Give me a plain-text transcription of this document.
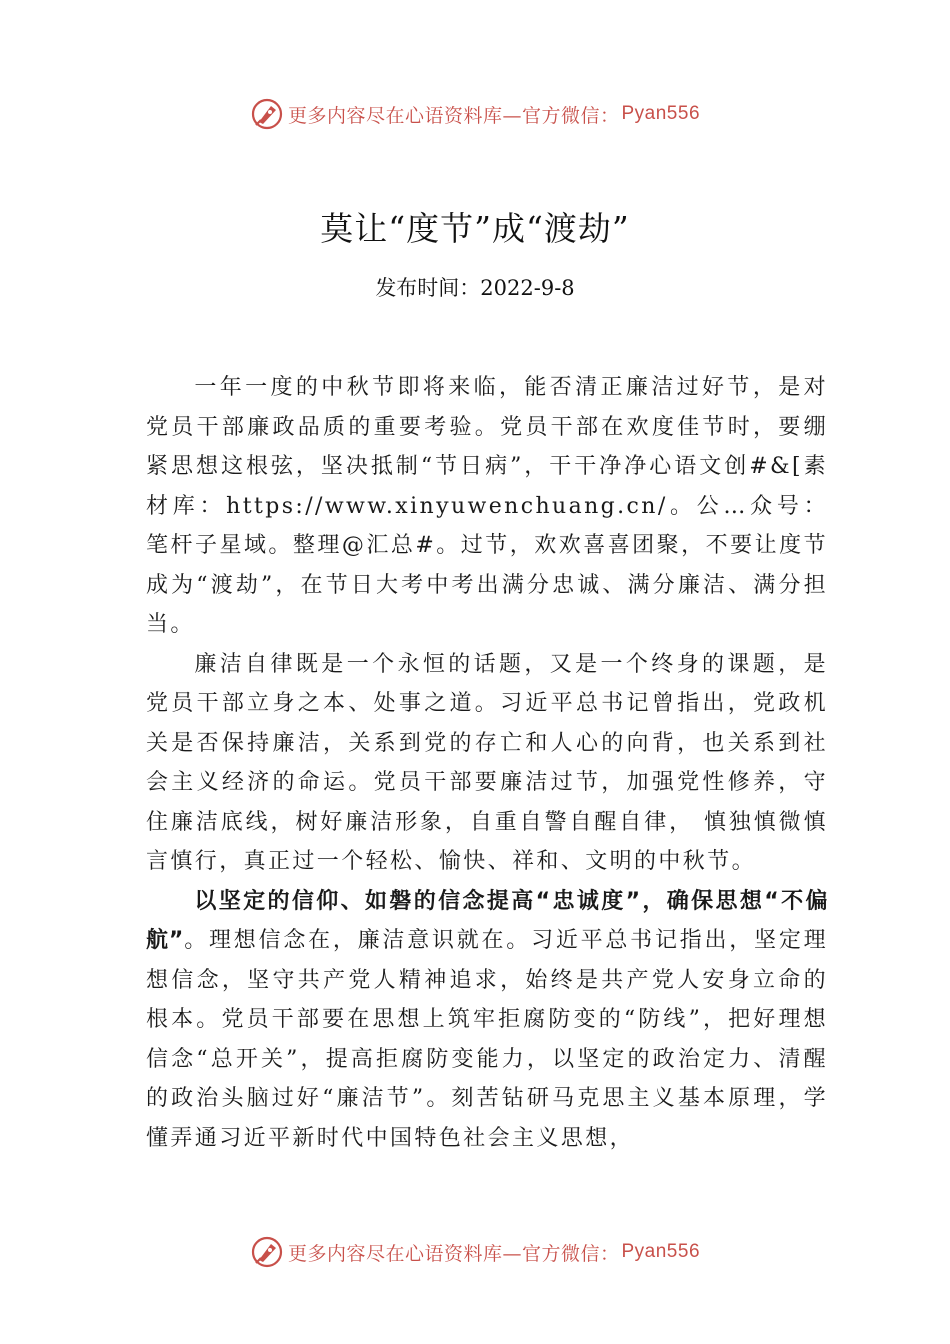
更多内容尽在心语资料库—官方微信： Pyan556
莫让“度节”成“渡劫”
发布时间：2022-9-8

一年一度的中秋节即将来临，能否清正廉洁过好节，是对党员干部廉政品质的重要考验。党员干部在欢度佳节时，要绷紧思想这根弦，坚决抵制“节日病”，干干净净心语文创#&[素材库：https://www.xinyuwenchuang.cn/。公…众号：笔杆子星域。整理@汇总#。过节，欢欢喜喜团聚，不要让度节成为“渡劫”，在节日大考中考出满分忠诚、满分廉洁、满分担当。

廉洁自律既是一个永恒的话题，又是一个终身的课题，是党员干部立身之本、处事之道。习近平总书记曾指出，党政机关是否保持廉洁，关系到党的存亡和人心的向背，也关系到社会主义经济的命运。党员干部要廉洁过节，加强党性修养，守住廉洁底线，树好廉洁形象，自重自警自醒自律， 慎独慎微慎言慎行，真正过一个轻松、愉快、祥和、文明的中秋节。

以坚定的信仰、如磐的信念提高“忠诚度”，确保思想“不偏航”。理想信念在，廉洁意识就在。习近平总书记指出，坚定理想信念，坚守共产党人精神追求，始终是共产党人安身立命的根本。党员干部要在思想上筑牢拒腐防变的“防线”，把好理想信念“总开关”，提高拒腐防变能力，以坚定的政治定力、清醒的政治头脑过好“廉洁节”。刻苦钻研马克思主义基本原理，学懂弄通习近平新时代中国特色社会主义思想，

更多内容尽在心语资料库—官方微信： Pyan556
